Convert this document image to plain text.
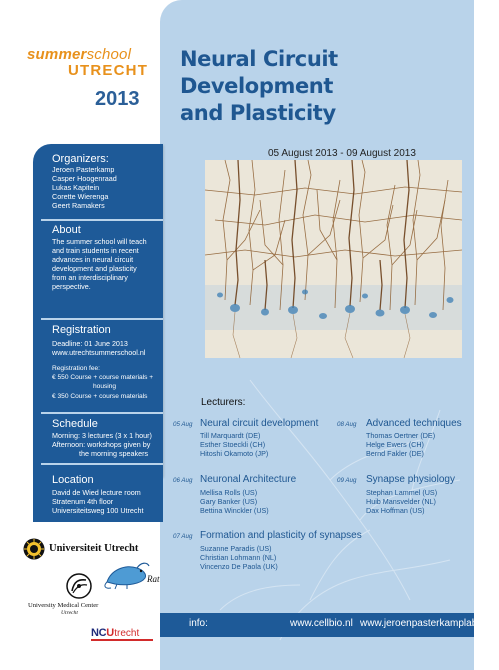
summerschool
UTRECHT
2013
Neural Circuit Development
and Plasticity
05 August 2013 - 09 August 2013
Organizers:
Jeroen Pasterkamp
Casper Hoogenraad
Lukas Kapitein
Corette Wierenga
Geert Ramakers
About
The summer school will teach
and train students in recent
advances in neural circuit
development and plasticity
from an interdisciplinary
perspective.
Registration
Deadline: 01 June 2013
www.utrechtsummerschool.nl
Registration fee:
€ 550 Course + course materials +
housing
€ 350 Course + course materials
Schedule
Morning: 3 lectures (3 x 1 hour)
Afternoon: workshops given by
the morning speakers
Location
David de Wied lecture room
Stratenum 4th floor
Universiteitsweg 100 Utrecht
Lecturers:
05 Aug Neural circuit development
Till Marquardt (DE)
Esther Stoeckli (CH)
Hitoshi Okamoto (JP)
06 Aug Neuronal Architecture
Mellisa Rolls (US)
Gary Banker (US)
Bettina Winckler (US)
07 Aug Formation and plasticity of synapses
Suzanne Paradis (US)
Christian Lohmann (NL)
Vincenzo De Paola (UK)
08 Aug Advanced techniques
Thomas Oertner (DE)
Helge Ewers (CH)
Bernd Fakler (DE)
09 Aug Synapse physiology
Stephan Lammel (US)
Huib Mansvelder (NL)
Dax Hoffman (US)
Universiteit Utrecht
University Medical Center
Utrecht
Rat
NCUtrecht
info:	www.cellbio.nl www.jeroenpasterkamplab.com
